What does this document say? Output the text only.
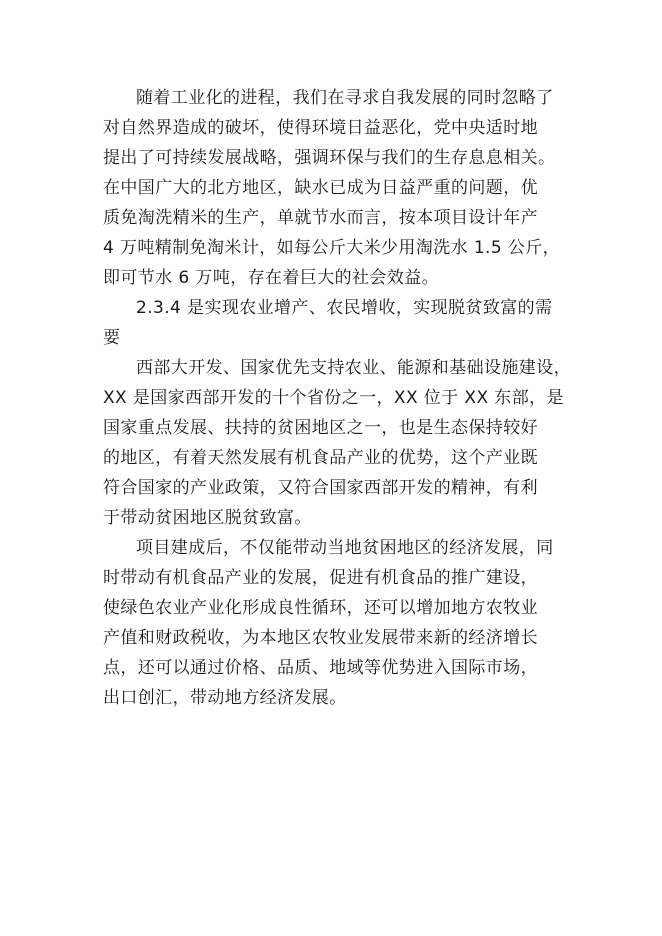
随着工业化的进程，我们在寻求自我发展的同时忽略了
对自然界造成的破坏，使得环境日益恶化，党中央适时地
提出了可持续发展战略，强调环保与我们的生存息息相关。
在中国广大的北方地区，缺水已成为日益严重的问题，优
质免淘洗精米的生产，单就节水而言，按本项目设计年产
4 万吨精制免淘米计，如每公斤大米少用淘洗水 1.5 公斤，
即可节水 6 万吨，存在着巨大的社会效益。
2.3.4 是实现农业增产、农民增收，实现脱贫致富的需
要
西部大开发、国家优先支持农业、能源和基础设施建设，
XX 是国家西部开发的十个省份之一，XX 位于 XX 东部，是
国家重点发展、扶持的贫困地区之一，也是生态保持较好
的地区，有着天然发展有机食品产业的优势，这个产业既
符合国家的产业政策，又符合国家西部开发的精神，有利
于带动贫困地区脱贫致富。
项目建成后，不仅能带动当地贫困地区的经济发展，同
时带动有机食品产业的发展，促进有机食品的推广建设，
使绿色农业产业化形成良性循环，还可以增加地方农牧业
产值和财政税收，为本地区农牧业发展带来新的经济增长
点，还可以通过价格、品质、地域等优势进入国际市场，
出口创汇，带动地方经济发展。
